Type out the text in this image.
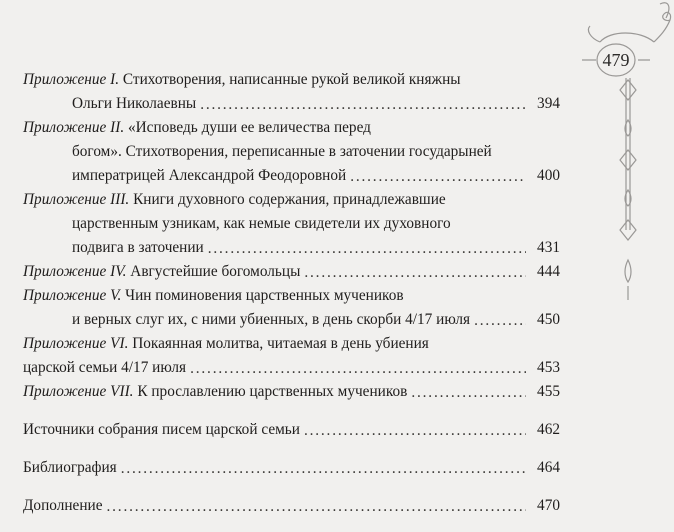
479
Приложение I.
Стихотворения, написанные рукой великой княжны
Ольги Николаевны . . .	394
Приложение II.
«Исповедь души ее величества перед
богом». Стихотворения, переписанные в заточении государыней
императрицей Александрой Феодоровной . . .	400
Приложение III.
Книги духовного содержания, принадлежавшие
царственным узникам, как немые свидетели их духовного
подвига в заточении . . .	431
Приложение IV.
Августейшие богомольцы . . .	444
Приложение V.
Чин поминовения царственных мучеников
и верных слуг их, с ними убиенных, в день скорби 4/17 июля . . .	450
Приложение VI.
Покаянная молитва, читаемая в день убиения
царской семьи 4/17 июля . . .	453
Приложение VII.
К прославлению царственных мучеников . . .	455
Источники собрания писем царской семьи . . .	462
Библиография . . .	464
Дополнение . . .	470
